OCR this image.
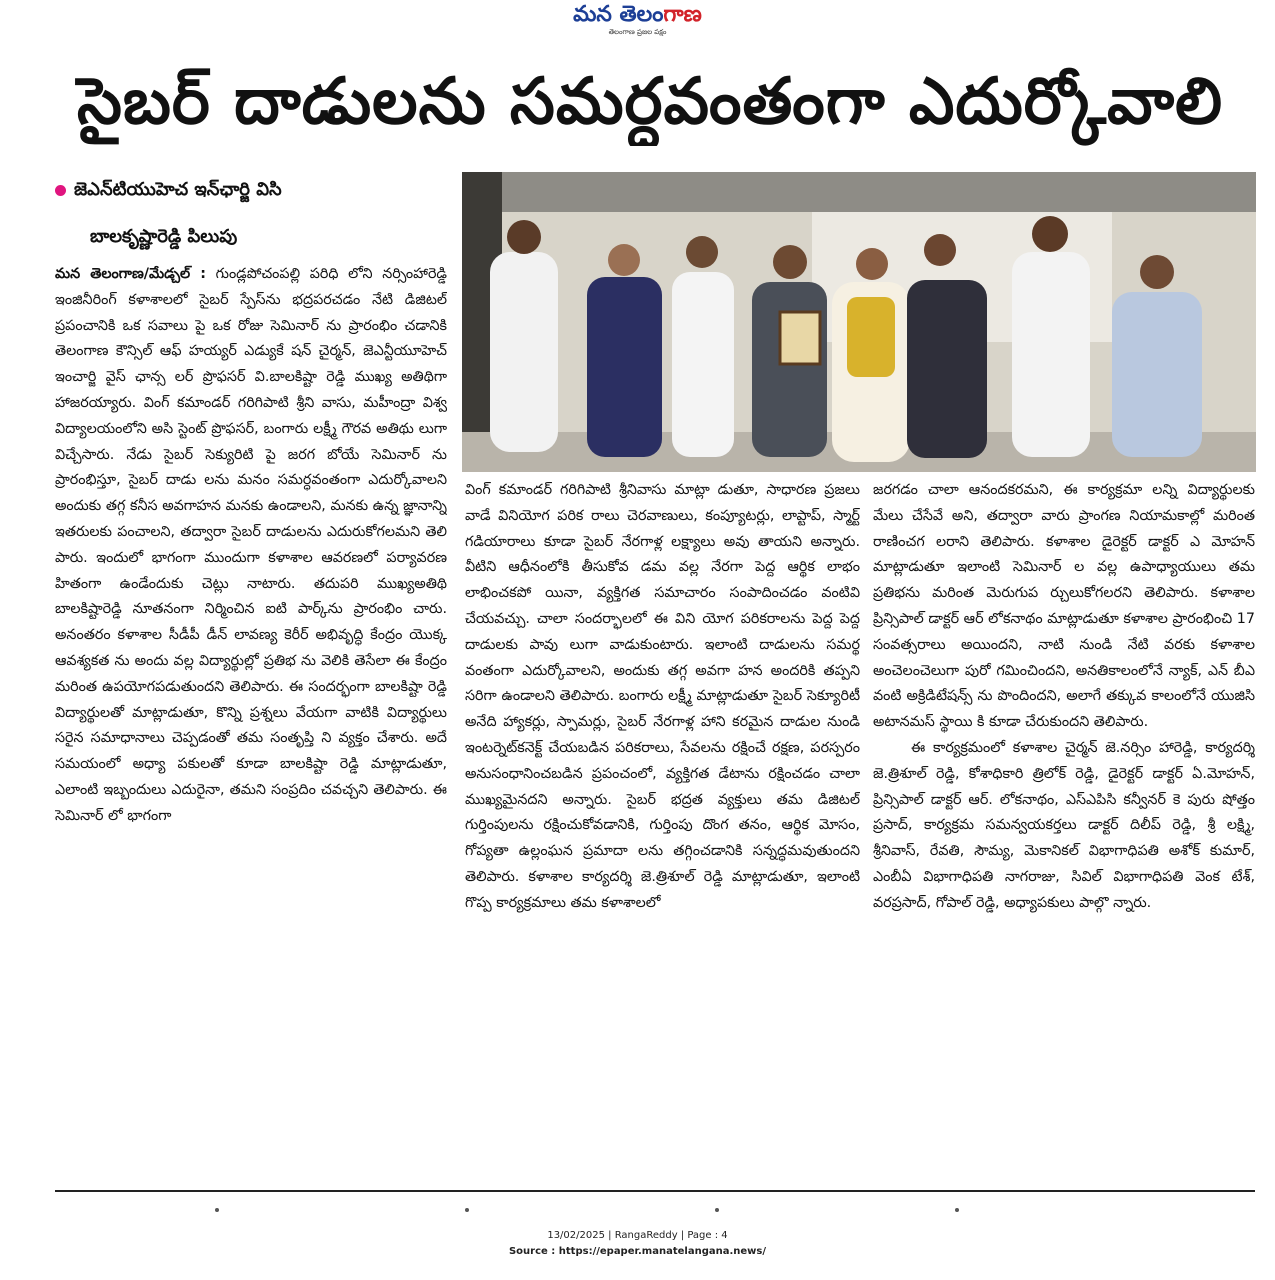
మన తెలంగాణ
తెలంగాణ ప్రజల పక్షం
సైబర్ దాడులను సమర్ధవంతంగా ఎదుర్కోవాలి
జెఎన్‌టియుహెచ ఇన్‌ఛార్జి విసి
బాలకృష్ణారెడ్డి పిలుపు

మన తెలంగాణ/మేడ్చల్ : గుండ్లపోచంపల్లి పరిధి లోని నర్సింహారెడ్డి ఇంజినీరింగ్ కళాశాలలో సైబర్ స్పేస్‌ను భద్రపరచడం నేటి డిజిటల్ ప్రపంచానికి ఒక సవాలు పై ఒక రోజు సెమినార్ ను ప్రారంభిం చడానికి తెలంగాణ కౌన్సిల్ ఆఫ్ హయ్యర్ ఎడ్యుకే షన్ చైర్మన్, జెఎన్టీయూహెచ్ ఇంచార్జి వైస్ ఛాన్స లర్ ప్రొఫసర్ వి.బాలకిష్టా రెడ్డి ముఖ్య అతిథిగా హాజరయ్యారు. వింగ్ కమాండర్ గరిగిపాటి శ్రీని వాసు, మహీంద్రా విశ్వ విద్యాలయంలోని అసి స్టెంట్ ప్రొఫసర్, బంగారు లక్ష్మీ గౌరవ అతిథు లుగా విచ్చేసారు. నేడు సైబర్ సెక్యురిటి పై జరగ బోయే సెమినార్ ను ప్రారంభిస్తూ, సైబర్ దాడు లను మనం సమర్ధవంతంగా ఎదుర్కోవాలని అందుకు తగ్గ కనీస అవగాహన మనకు ఉండాలని, మనకు ఉన్న జ్ఞానాన్ని ఇతరులకు పంచాలని, తద్వారా సైబర్ దాడులను ఎదురుకోగలమని తెలి పారు. ఇందులో భాగంగా ముందుగా కళాశాల ఆవరణలో పర్యావరణ హితంగా ఉండేందుకు చెట్లు నాటారు. తదుపరి ముఖ్యఅతిథి బాలకిష్టారెడ్డి నూతనంగా నిర్మించిన ఐటి పార్క్‌ను ప్రారంభిం చారు. అనంతరం కళాశాల సీడీపీ డీన్ లావణ్య కెరీర్ అభివృద్ధి కేంద్రం యొక్క ఆవశ్యకత ను అందు వల్ల విద్యార్థుల్లో ప్రతిభ ను వెలికి తెసేలా ఈ కేంద్రం మరింత ఉపయోగపడుతుందని తెలిపారు. ఈ సందర్భంగా బాలకిష్టా రెడ్డి విద్యార్థులతో మాట్లాడుతూ, కొన్ని ప్రశ్నలు వేయగా వాటికి విద్యార్థులు సరైన సమాధానాలు చెప్పడంతో తమ సంతృప్తి ని వ్యక్తం చేశారు. అదే సమయంలో అధ్యా పకులతో కూడా బాలకిష్టా రెడ్డి మాట్లాడుతూ, ఎలాంటి ఇబ్బందులు ఎదురైనా, తమని సంప్రదిం చవచ్చని తెలిపారు. ఈ సెమినార్ లో భాగంగా

వింగ్ కమాండర్ గరిగిపాటి శ్రీనివాసు మాట్లా డుతూ, సాధారణ ప్రజలు వాడే వినియోగ పరిక రాలు చెరవాణులు, కంప్యూటర్లు, లాప్టాప్, స్మార్ట్ గడియారాలు కూడా సైబర్ నేరగాళ్ల లక్ష్యాలు అవు తాయని అన్నారు. వీటిని ఆధీనంలోకి తీసుకోవ డమ వల్ల నేరగా పెద్ద ఆర్థిక లాభం లాభించకపో యినా, వ్యక్తిగత సమాచారం సంపాదించడం వంటివి చేయవచ్చు. చాలా సందర్భాలలో ఈ విని యోగ పరికరాలను పెద్ద పెద్ద దాడులకు పావు లుగా వాడుకుంటారు. ఇలాంటి దాడులను సమర్థ వంతంగా ఎదుర్కోవాలని, అందుకు తగ్గ అవగా హన అందరికి తప్పని సరిగా ఉండాలని తెలిపారు. బంగారు లక్ష్మీ మాట్లాడుతూ సైబర్ సెక్యూరిటీ అనేది హ్యాకర్లు, స్పామర్లు, సైబర్ నేరగాళ్ల హాని కరమైన దాడుల నుండి ఇంటర్నెట్‌కనెక్ట్ చేయబడిన పరికరాలు, సేవలను రక్షించే రక్షణ, పరస్పరం అనుసంధానించబడిన ప్రపంచంలో, వ్యక్తిగత డేటాను రక్షించడం చాలా ముఖ్యమైనదని అన్నారు. సైబర్ భద్రత వ్యక్తులు తమ డిజిటల్ గుర్తింపులను రక్షించుకోవడానికి, గుర్తింపు దొంగ తనం, ఆర్థిక మోసం, గోప్యతా ఉల్లంఘన ప్రమాదా లను తగ్గించడానికి సన్నద్ధమవుతుందని తెలిపారు. కళాశాల కార్యదర్శి జె.త్రిశూల్ రెడ్డి మాట్లాడుతూ, ఇలాంటి గొప్ప కార్యక్రమాలు తమ కళాశాలలో

జరగడం చాలా ఆనందకరమని, ఈ కార్యక్రమా లన్ని విద్యార్థులకు మేలు చేసేవే అని, తద్వారా వారు ప్రాంగణ నియామకాల్లో మరింత రాణించగ లరాని తెలిపారు. కళాశాల డైరెక్టర్ డాక్టర్ ఎ మోహన్ మాట్లాడుతూ ఇలాంటి సెమినార్ ల వల్ల ఉపాధ్యాయులు తమ ప్రతిభను మరింత మెరుగుప ర్చులుకోగలరని తెలిపారు. కళాశాల ప్రిన్సిపాల్ డాక్టర్ ఆర్ లోకనాథం మాట్లాడుతూ కళాశాల ప్రారంభించి 17 సంవత్సరాలు అయిందని, నాటి నుండి నేటి వరకు కళాశాల అంచెలంచెలుగా పురో గమించిందని, అనతికాలంలోనే న్యాక్, ఎన్ బీఎ వంటి అక్రిడిటేషన్స్ ను పొందిందని, అలాగే తక్కువ కాలంలోనే యుజిసి అటానమస్ స్థాయి కి కూడా చేరుకుందని తెలిపారు.

ఈ కార్యక్రమంలో కళాశాల చైర్మన్ జె.నర్సిం హారెడ్డి, కార్యదర్శి జె.త్రిశూల్ రెడ్డి, కోశాధికారి త్రిలోక్ రెడ్డి, డైరెక్టర్ డాక్టర్ ఏ.మోహన్, ప్రిన్సిపాల్ డాక్టర్ ఆర్. లోకనాథం, ఎస్ఎపిసి కన్వీనర్ కె పురు షోత్తం ప్రసాద్, కార్యక్రమ సమన్వయకర్తలు డాక్టర్ దిలీప్ రెడ్డి, శ్రీ లక్ష్మి, శ్రీనివాస్, రేవతి, సౌమ్య, మెకానికల్ విభాగాధిపతి అశోక్ కుమార్, ఎంబీఏ విభాగాధిపతి నాగరాజు, సివిల్ విభాగాధిపతి వెంక టేశ్, వరప్రసాద్, గోపాల్ రెడ్డి, అధ్యాపకులు పాల్గొ న్నారు.

13/02/2025 | RangaReddy | Page : 4
Source : https://epaper.manatelangana.news/
